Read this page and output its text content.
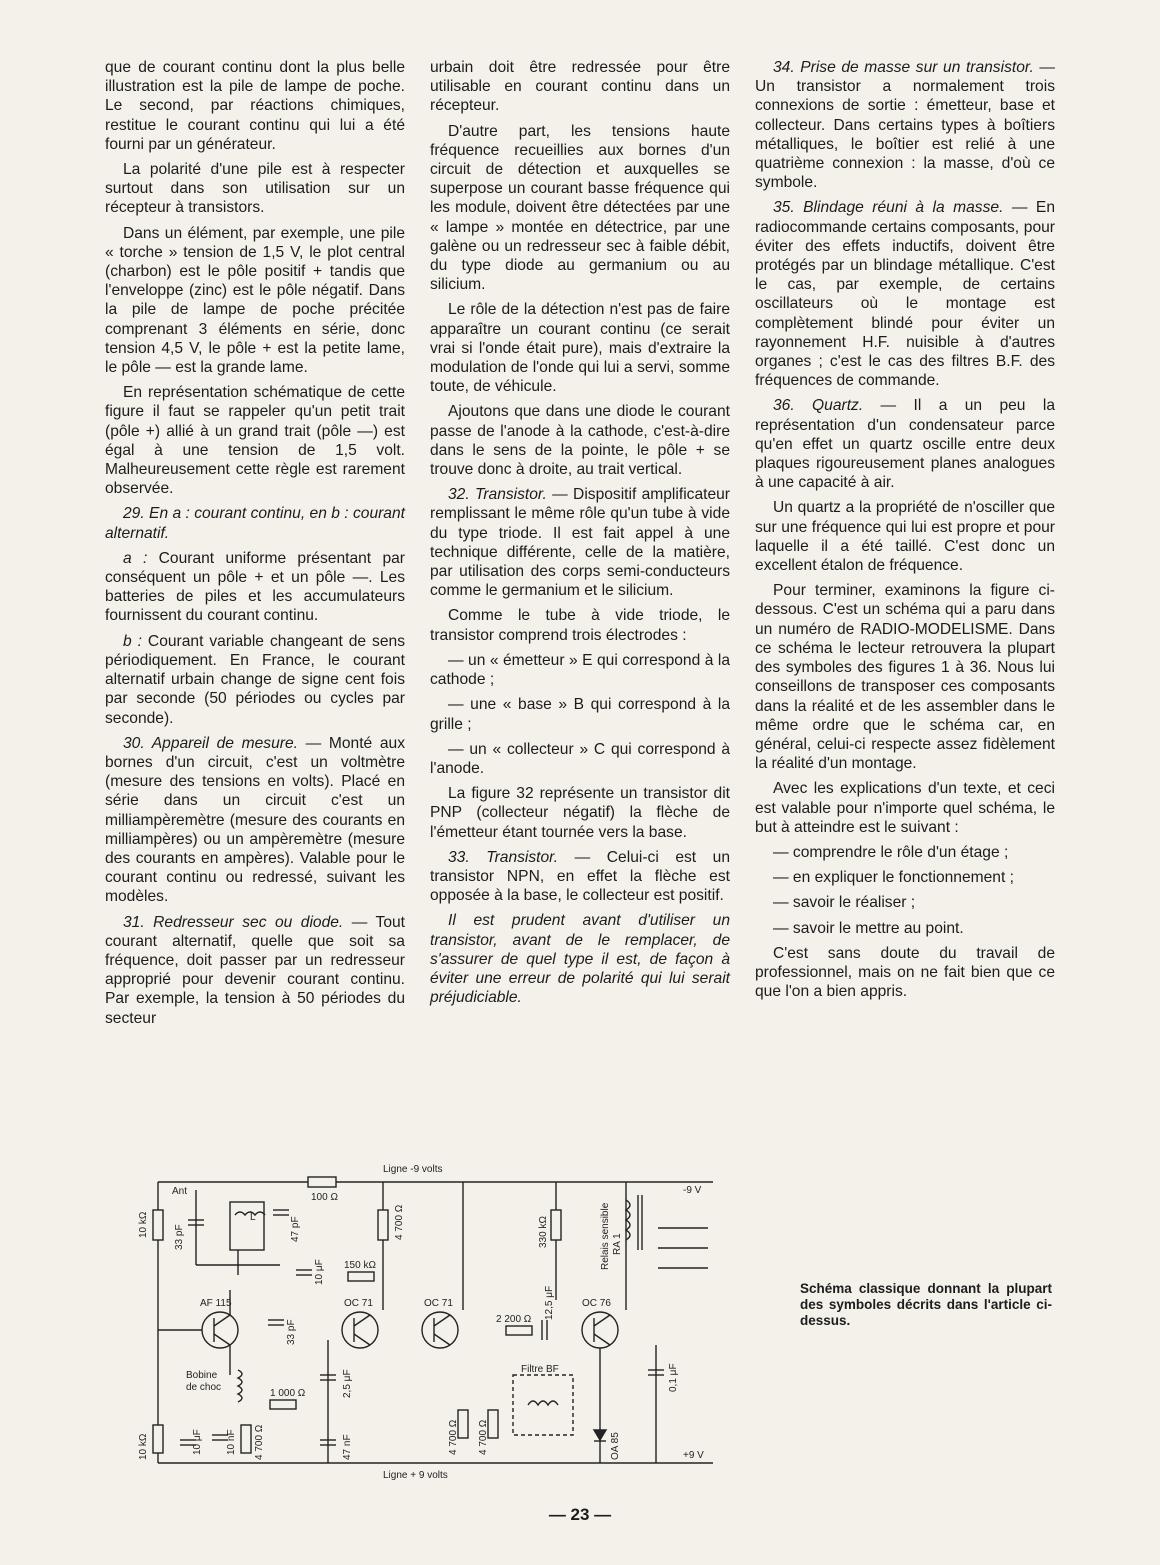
que de courant continu dont la plus belle illustration est la pile de lampe de poche. Le second, par réactions chimiques, restitue le courant continu qui lui a été fourni par un générateur.

La polarité d'une pile est à respecter surtout dans son utilisation sur un récepteur à transistors.

Dans un élément, par exemple, une pile « torche » tension de 1,5 V, le plot central (charbon) est le pôle positif + tandis que l'enveloppe (zinc) est le pôle négatif. Dans la pile de lampe de poche précitée comprenant 3 éléments en série, donc tension 4,5 V, le pôle + est la petite lame, le pôle — est la grande lame.

En représentation schématique de cette figure il faut se rappeler qu'un petit trait (pôle +) allié à un grand trait (pôle —) est égal à une tension de 1,5 volt. Malheureusement cette règle est rarement observée.

29. En a : courant continu, en b : courant alternatif.

a : Courant uniforme présentant par conséquent un pôle + et un pôle —. Les batteries de piles et les accumulateurs fournissent du courant continu.

b : Courant variable changeant de sens périodiquement. En France, le courant alternatif urbain change de signe cent fois par seconde (50 périodes ou cycles par seconde).

30. Appareil de mesure. — Monté aux bornes d'un circuit, c'est un voltmètre (mesure des tensions en volts). Placé en série dans un circuit c'est un milliampèremètre (mesure des courants en milliampères) ou un ampèremètre (mesure des courants en ampères). Valable pour le courant continu ou redressé, suivant les modèles.

31. Redresseur sec ou diode. — Tout courant alternatif, quelle que soit sa fréquence, doit passer par un redresseur approprié pour devenir courant continu. Par exemple, la tension à 50 périodes du secteur

urbain doit être redressée pour être utilisable en courant continu dans un récepteur.

D'autre part, les tensions haute fréquence recueillies aux bornes d'un circuit de détection et auxquelles se superpose un courant basse fréquence qui les module, doivent être détectées par une « lampe » montée en détectrice, par une galène ou un redresseur sec à faible débit, du type diode au germanium ou au silicium.

Le rôle de la détection n'est pas de faire apparaître un courant continu (ce serait vrai si l'onde était pure), mais d'extraire la modulation de l'onde qui lui a servi, somme toute, de véhicule.

Ajoutons que dans une diode le courant passe de l'anode à la cathode, c'est-à-dire dans le sens de la pointe, le pôle + se trouve donc à droite, au trait vertical.

32. Transistor. — Dispositif amplificateur remplissant le même rôle qu'un tube à vide du type triode. Il est fait appel à une technique différente, celle de la matière, par utilisation des corps semi-conducteurs comme le germanium et le silicium.

Comme le tube à vide triode, le transistor comprend trois électrodes :

— un « émetteur » E qui correspond à la cathode ;

— une « base » B qui correspond à la grille ;

— un « collecteur » C qui correspond à l'anode.

La figure 32 représente un transistor dit PNP (collecteur négatif) la flèche de l'émetteur étant tournée vers la base.

33. Transistor. — Celui-ci est un transistor NPN, en effet la flèche est opposée à la base, le collecteur est positif.

Il est prudent avant d'utiliser un transistor, avant de le remplacer, de s'assurer de quel type il est, de façon à éviter une erreur de polarité qui lui serait préjudiciable.

34. Prise de masse sur un transistor. — Un transistor a normalement trois connexions de sortie : émetteur, base et collecteur. Dans certains types à boîtiers métalliques, le boîtier est relié à une quatrième connexion : la masse, d'où ce symbole.

35. Blindage réuni à la masse. — En radiocommande certains composants, pour éviter des effets inductifs, doivent être protégés par un blindage métallique. C'est le cas, par exemple, de certains oscillateurs où le montage est complètement blindé pour éviter un rayonnement H.F. nuisible à d'autres organes ; c'est le cas des filtres B.F. des fréquences de commande.

36. Quartz. — Il a un peu la représentation d'un condensateur parce qu'en effet un quartz oscille entre deux plaques rigoureusement planes analogues à une capacité à air.

Un quartz a la propriété de n'osciller que sur une fréquence qui lui est propre et pour laquelle il a été taillé. C'est donc un excellent étalon de fréquence.

Pour terminer, examinons la figure ci-dessous. C'est un schéma qui a paru dans un numéro de RADIO-MODELISME. Dans ce schéma le lecteur retrouvera la plupart des symboles des figures 1 à 36. Nous lui conseillons de transposer ces composants dans la réalité et de les assembler dans le même ordre que le schéma car, en général, celui-ci respecte assez fidèlement la réalité d'un montage.

Avec les explications d'un texte, et ceci est valable pour n'importe quel schéma, le but à atteindre est le suivant :

— comprendre le rôle d'un étage ;

— en expliquer le fonctionnement ;

— savoir le réaliser ;

— savoir le mettre au point.

C'est sans doute du travail de professionnel, mais on ne fait bien que ce que l'on a bien appris.

Ligne -9 volts
Ligne + 9 volts
-9 V
+9 V
100 Ω
10 kΩ
Ant
33 pF
L	47 pF
AF 115
33 pF
Bobine
de choc
10 μF
4 700 Ω
150 kΩ
OC 71
2,5 μF
47 nF
1 000 Ω
10 kΩ	10 μF 10 nF 4 700 Ω
OC 71
4 700 Ω 4 700 Ω
2 200 Ω 12,5 μF
330 kΩ
Filtre BF
OC 76
Relais sensible RA 1
0,1 μF
OA 85
Schéma classique donnant la plupart des symboles décrits dans l'article ci-dessus.
— 23 —
